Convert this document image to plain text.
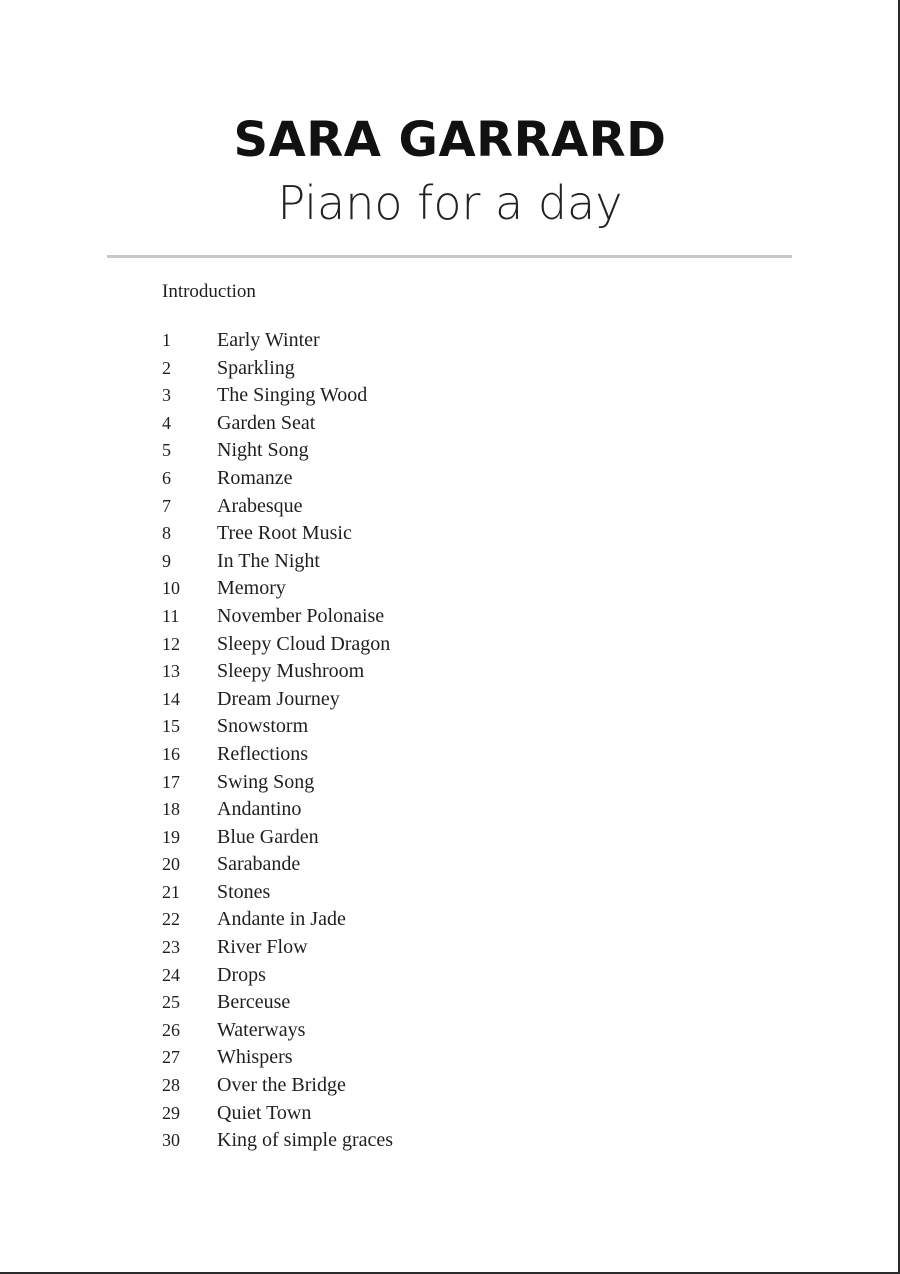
SARA GARRARD
Piano for a day
Introduction
1 Early Winter
2 Sparkling
3 The Singing Wood
4 Garden Seat
5 Night Song
6 Romanze
7 Arabesque
8 Tree Root Music
9 In The Night
10 Memory
11 November Polonaise
12 Sleepy Cloud Dragon
13 Sleepy Mushroom
14 Dream Journey
15 Snowstorm
16 Reflections
17 Swing Song
18 Andantino
19 Blue Garden
20 Sarabande
21 Stones
22 Andante in Jade
23 River Flow
24 Drops
25 Berceuse
26 Waterways
27 Whispers
28 Over the Bridge
29 Quiet Town
30 King of simple graces
